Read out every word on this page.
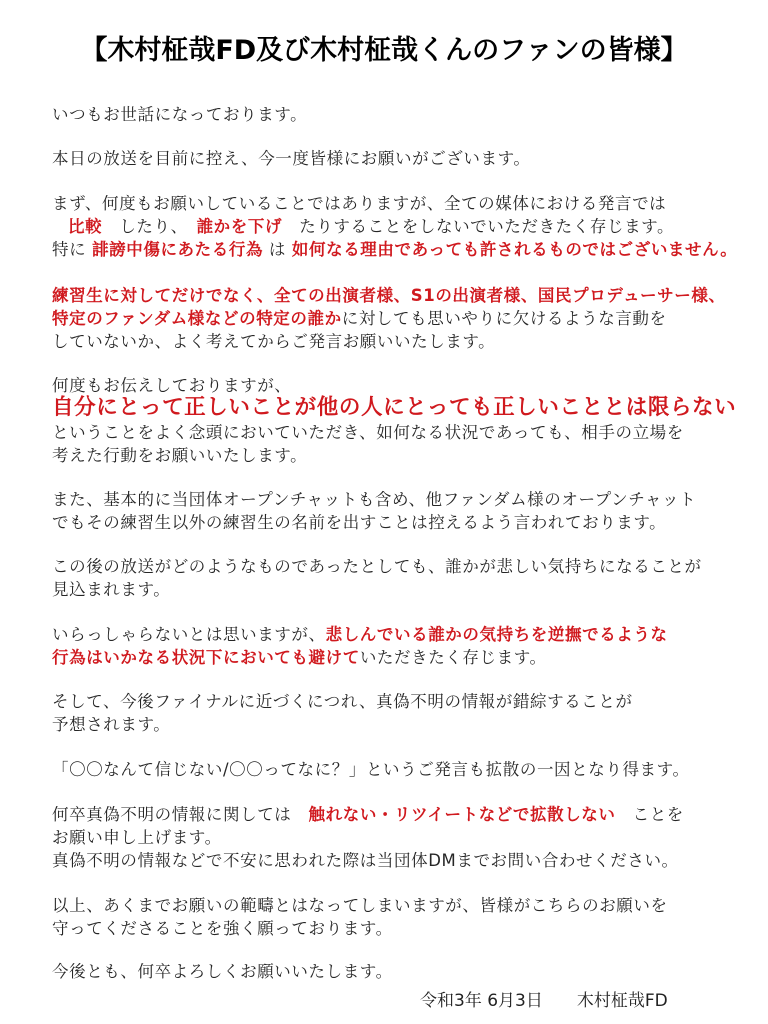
【木村柾哉FD及び木村柾哉くんのファンの皆様】
いつもお世話になっております。
本日の放送を目前に控え、今一度皆様にお願いがございます。
まず、何度もお願いしていることではありますが、全ての媒体における発言では
比較　 したり、　 誰かを下げ　 たりすることをしないでいただきたく存じます。
特に 誹謗中傷にあたる行為 は 如何なる理由であっても許されるものではございません。
練習生に対してだけでなく、全ての出演者様、S1の出演者様、国民プロデューサー様、
特定のファンダム様などの特定の誰かに対しても思いやりに欠けるような言動を
していないか、よく考えてからご発言お願いいたします。
何度もお伝えしておりますが、
自分にとって正しいことが他の人にとっても正しいこととは限らない
ということをよく念頭においていただき、如何なる状況であっても、相手の立場を
考えた行動をお願いいたします。
また、基本的に当団体オープンチャットも含め、他ファンダム様のオープンチャット
でもその練習生以外の練習生の名前を出すことは控えるよう言われております。
この後の放送がどのようなものであったとしても、誰かが悲しい気持ちになることが
見込まれます。
いらっしゃらないとは思いますが、悲しんでいる誰かの気持ちを逆撫でるような
行為はいかなる状況下においても避けていただきたく存じます。
そして、今後ファイナルに近づくにつれ、真偽不明の情報が錯綜することが
予想されます。
「〇〇なんて信じない/〇〇ってなに？」というご発言も拡散の一因となり得ます。
何卒真偽不明の情報に関しては　 触れない・リツイートなどで拡散しない　 ことを
お願い申し上げます。
真偽不明の情報などで不安に思われた際は当団体DMまでお問い合わせください。
以上、あくまでお願いの範疇とはなってしまいますが、皆様がこちらのお願いを
守ってくださることを強く願っております。
今後とも、何卒よろしくお願いいたします。
令和3年 6月3日　　 木村柾哉FD
